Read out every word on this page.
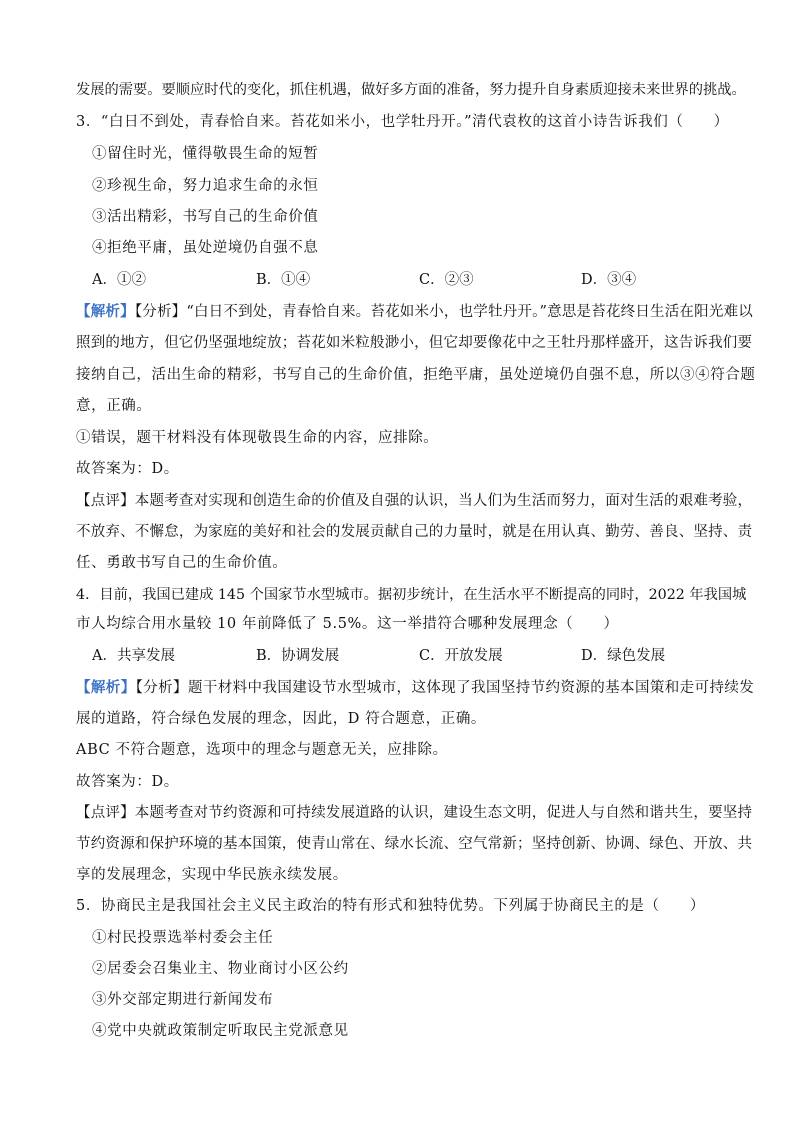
发展的需要。要顺应时代的变化，抓住机遇，做好多方面的准备，努力提升自身素质迎接未来世界的挑战。
3．“白日不到处，青春恰自来。苔花如米小，也学牡丹开。”清代袁枚的这首小诗告诉我们（　　）
①留住时光，懂得敬畏生命的短暂
②珍视生命，努力追求生命的永恒
③活出精彩，书写自己的生命价值
④拒绝平庸，虽处逆境仍自强不息
A．①②	B．①④	C．②③	D．③④
【解析】【分析】“白日不到处，青春恰自来。苔花如米小，也学牡丹开。”意思是苔花终日生活在阳光难以
照到的地方，但它仍坚强地绽放；苔花如米粒般渺小，但它却要像花中之王牡丹那样盛开，这告诉我们要
接纳自己，活出生命的精彩，书写自己的生命价值，拒绝平庸，虽处逆境仍自强不息，所以③④符合题
意，正确。
①错误，题干材料没有体现敬畏生命的内容，应排除。
故答案为：D。
【点评】本题考查对实现和创造生命的价值及自强的认识，当人们为生活而努力，面对生活的艰难考验，
不放弃、不懈怠，为家庭的美好和社会的发展贡献自己的力量时，就是在用认真、勤劳、善良、坚持、责
任、勇敢书写自己的生命价值。
4．目前，我国已建成 145 个国家节水型城市。据初步统计，在生活水平不断提高的同时，2022 年我国城
市人均综合用水量较 10 年前降低了 5.5%。这一举措符合哪种发展理念（　　）
A．共享发展	B．协调发展	C．开放发展	D．绿色发展
【解析】【分析】题干材料中我国建设节水型城市，这体现了我国坚持节约资源的基本国策和走可持续发
展的道路，符合绿色发展的理念，因此，D 符合题意，正确。
ABC 不符合题意，选项中的理念与题意无关，应排除。
故答案为：D。
【点评】本题考查对节约资源和可持续发展道路的认识，建设生态文明，促进人与自然和谐共生，要坚持
节约资源和保护环境的基本国策，使青山常在、绿水长流、空气常新；坚持创新、协调、绿色、开放、共
享的发展理念，实现中华民族永续发展。
5．协商民主是我国社会主义民主政治的特有形式和独特优势。下列属于协商民主的是（　　）
①村民投票选举村委会主任
②居委会召集业主、物业商讨小区公约
③外交部定期进行新闻发布
④党中央就政策制定听取民主党派意见
